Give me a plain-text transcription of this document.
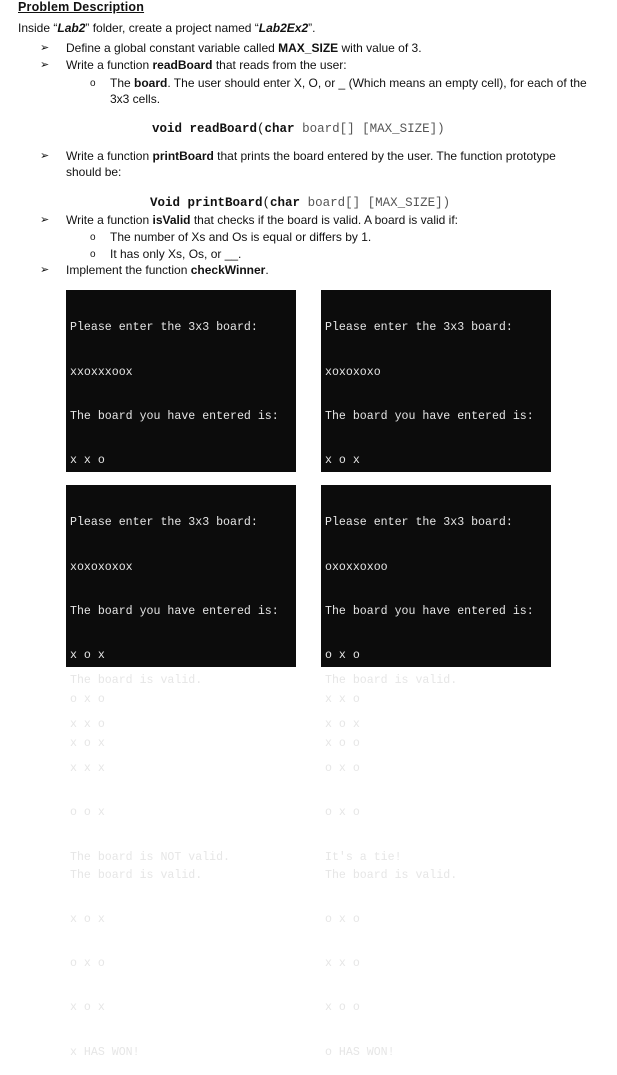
Problem Description
Inside “Lab2” folder, create a project named “Lab2Ex2”.
➢ Define a global constant variable called MAX_SIZE with value of 3.
➢ Write a function readBoard that reads from the user:
o The board. The user should enter X, O, or _ (Which means an empty cell), for each of the
3x3 cells.
void readBoard(char board[] [MAX_SIZE])
➢ Write a function printBoard that prints the board entered by the user. The function prototype
should be:
Void printBoard(char board[] [MAX_SIZE])
➢ Write a function isValid that checks if the board is valid. A board is valid if:
o The number of Xs and Os is equal or differs by 1.
o It has only Xs, Os, or __.
➢ Implement the function checkWinner.

Please enter the 3x3 board:

xxoxxxoox

The board you have entered is:

x x o

The board is valid.

x x o

x x x

o o x

The board is NOT valid.

Please enter the 3x3 board:

xoxoxoxo

The board you have entered is:

x o x

The board is valid.

x o x

o x o

o x o

It's a tie!

Please enter the 3x3 board:

xoxoxoxox

The board you have entered is:

x o x

o x o

x o x

The board is valid.

x o x

o x o

x o x

x HAS WON!

Please enter the 3x3 board:

oxoxxoxoo

The board you have entered is:

o x o

x x o

x o o

The board is valid.

o x o

x x o

x o o

o HAS WON!
